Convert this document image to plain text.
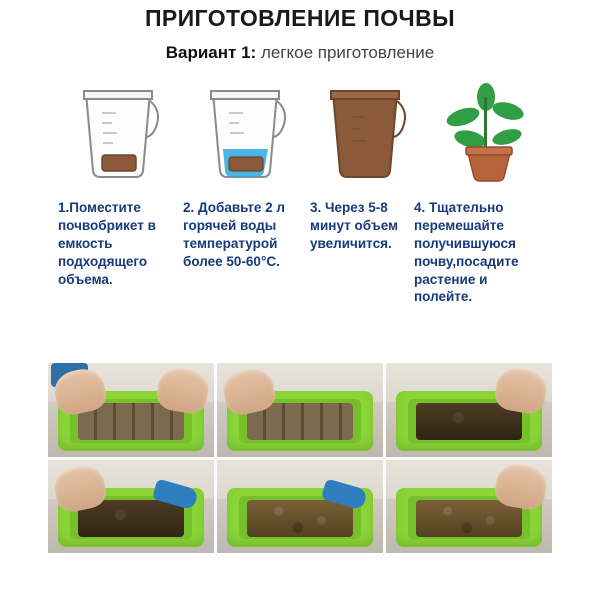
ПРИГОТОВЛЕНИЕ ПОЧВЫ
Вариант 1: легкое приготовление
1.Поместите почвобрикет в емкость подходящего объема.
2. Добавьте 2 л горячей воды температурой более 50-60°С.
3. Через 5-8 минут объем увеличится.
4. Тщательно перемешайте получившуюся почву,посадите растение и полейте.
